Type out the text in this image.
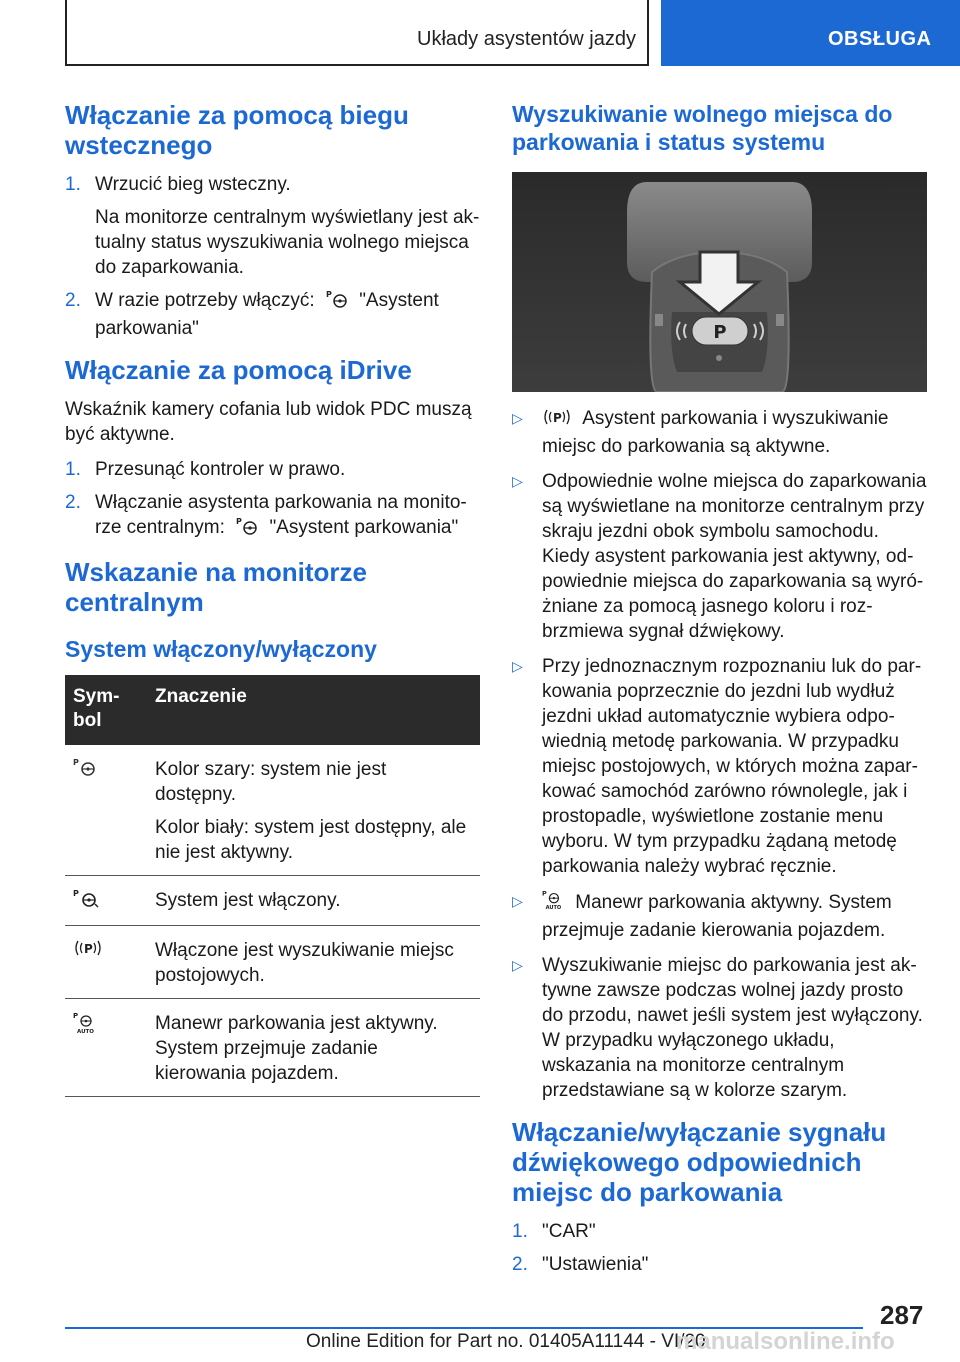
Układy asystentów jazdy	OBSŁUGA
Włączanie za pomocą biegu wstecznego
1. Wrzucić bieg wsteczny.
Na monitorze centralnym wyświetlany jest aktualny status wyszukiwania wolnego miejsca do zaparkowania.
2. W razie potrzeby włączyć: P "Asystent parkowania"
Włączanie za pomocą iDrive

Wskaźnik kamery cofania lub widok PDC muszą być aktywne.

1. Przesunąć kontroler w prawo.
2. Włączanie asystenta parkowania na monitorze centralnym: P "Asystent parkowania"
Wskazanie na monitorze centralnym
System włączony/wyłączony
Symbol	Znaczenie

P	Kolor szary: system nie jest dostępny.

Kolor biały: system jest dostępny, ale nie jest aktywny.

P	System jest włączony.

P	Włączone jest wyszukiwanie miejsc postojowych.

P
AUTO	Manewr parkowania jest aktywny. System przejmuje zadanie kierowania pojazdem.

Wyszukiwanie wolnego miejsca do parkowania i status systemu
P
▷	P Asystent parkowania i wyszukiwanie miejsc do parkowania są aktywne.
▷ Odpowiednie wolne miejsca do zaparkowania są wyświetlane na monitorze centralnym przy skraju jezdni obok symbolu samochodu. Kiedy asystent parkowania jest aktywny, odpowiednie miejsca do zaparkowania są wyróżniane za pomocą jasnego koloru i rozbrzmiewa sygnał dźwiękowy.
▷ Przy jednoznacznym rozpoznaniu luk do parkowania poprzecznie do jezdni lub wydłuż jezdni układ automatycznie wybiera odpowiednią metodę parkowania. W przypadku miejsc postojowych, w których można zaparkować samochód zarówno równolegle, jak i prostopadle, wyświetlone zostanie menu wyboru. W tym przypadku żądaną metodę parkowania należy wybrać ręcznie.
▷	P
AUTO Manewr parkowania aktywny. System przejmuje zadanie kierowania pojazdem.
▷ Wyszukiwanie miejsc do parkowania jest aktywne zawsze podczas wolnej jazdy prosto do przodu, nawet jeśli system jest wyłączony. W przypadku wyłączonego układu, wskazania na monitorze centralnym przedstawiane są w kolorze szarym.
Włączanie/wyłączanie sygnału dźwiękowego odpowiednich miejsc do parkowania
1. "CAR"
2. "Ustawienia"
287
Online Edition for Part no. 01405A11144 - VI/20
manualsonline.info
